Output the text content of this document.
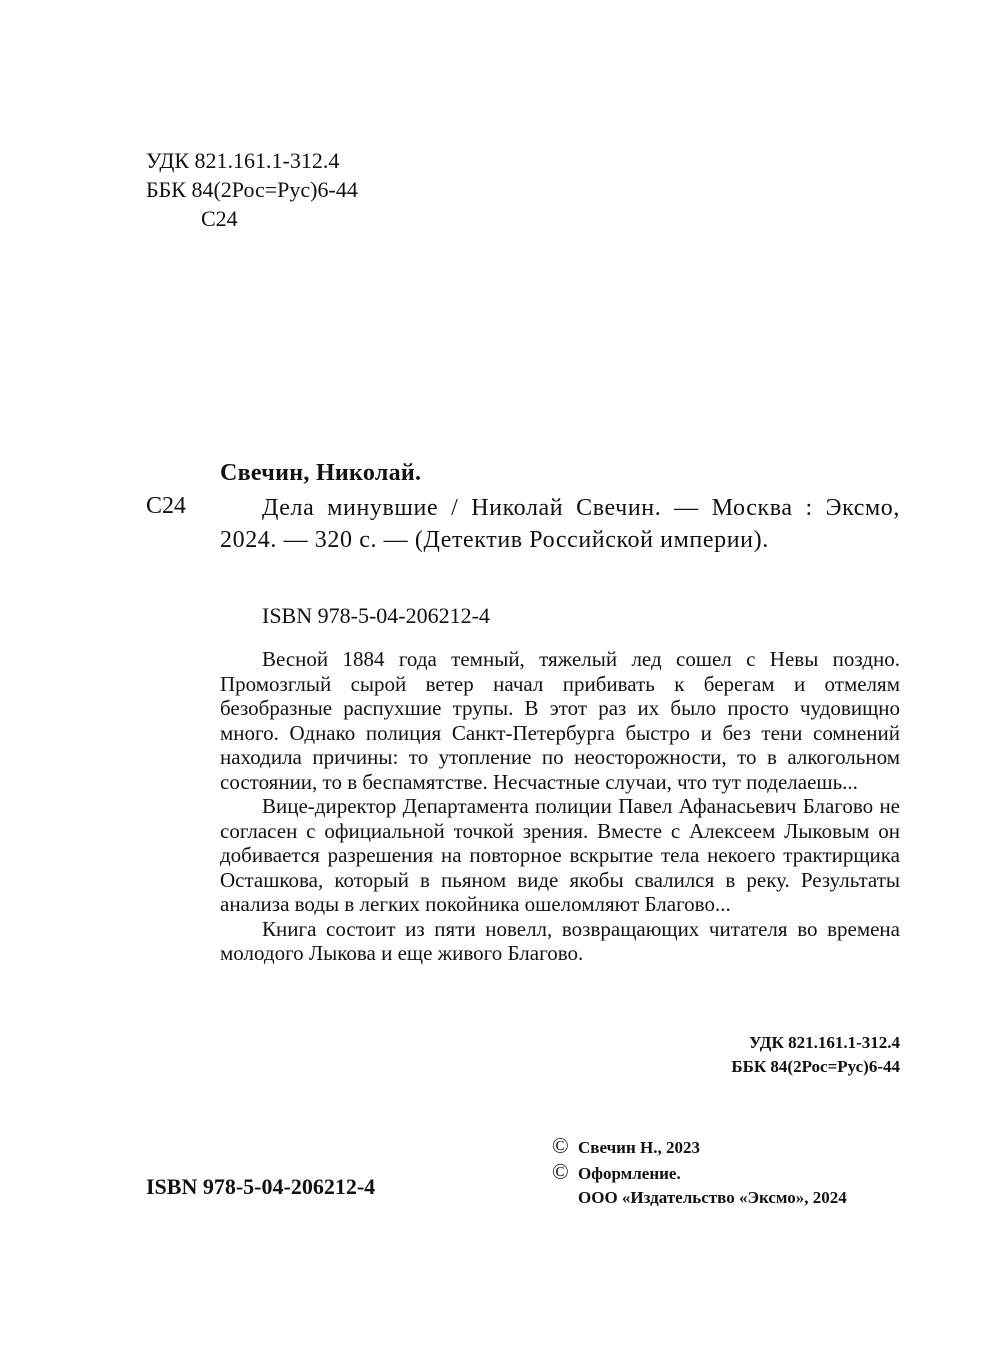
УДК 821.161.1-312.4
ББК 84(2Рос=Рус)6-44
С24
Свечин, Николай.
С24	Дела минувшие / Николай Свечин. — Москва : Эксмо, 2024. — 320 с. — (Детектив Российской империи).

ISBN 978-5-04-206212-4

Весной 1884 года темный, тяжелый лед сошел с Невы поздно. Промозглый сырой ветер начал прибивать к берегам и отмелям безобразные распухшие трупы. В этот раз их было просто чудовищно много. Однако полиция Санкт-Петербурга быстро и без тени сомнений находила причины: то утопление по неосторожности, то в алкогольном состоянии, то в беспамятстве. Несчастные случаи, что тут поделаешь...

Вице-директор Департамента полиции Павел Афанасьевич Благово не согласен с официальной точкой зрения. Вместе с Алексеем Лыковым он добивается разрешения на повторное вскрытие тела некоего трактирщика Осташкова, который в пьяном виде якобы свалился в реку. Результаты анализа воды в легких покойника ошеломляют Благово...

Книга состоит из пяти новелл, возвращающих читателя во времена молодого Лыкова и еще живого Благово.

УДК 821.161.1-312.4
ББК 84(2Рос=Рус)6-44
© Свечин Н., 2023
© Оформление.
ООО «Издательство «Эксмо», 2024
ISBN 978-5-04-206212-4
